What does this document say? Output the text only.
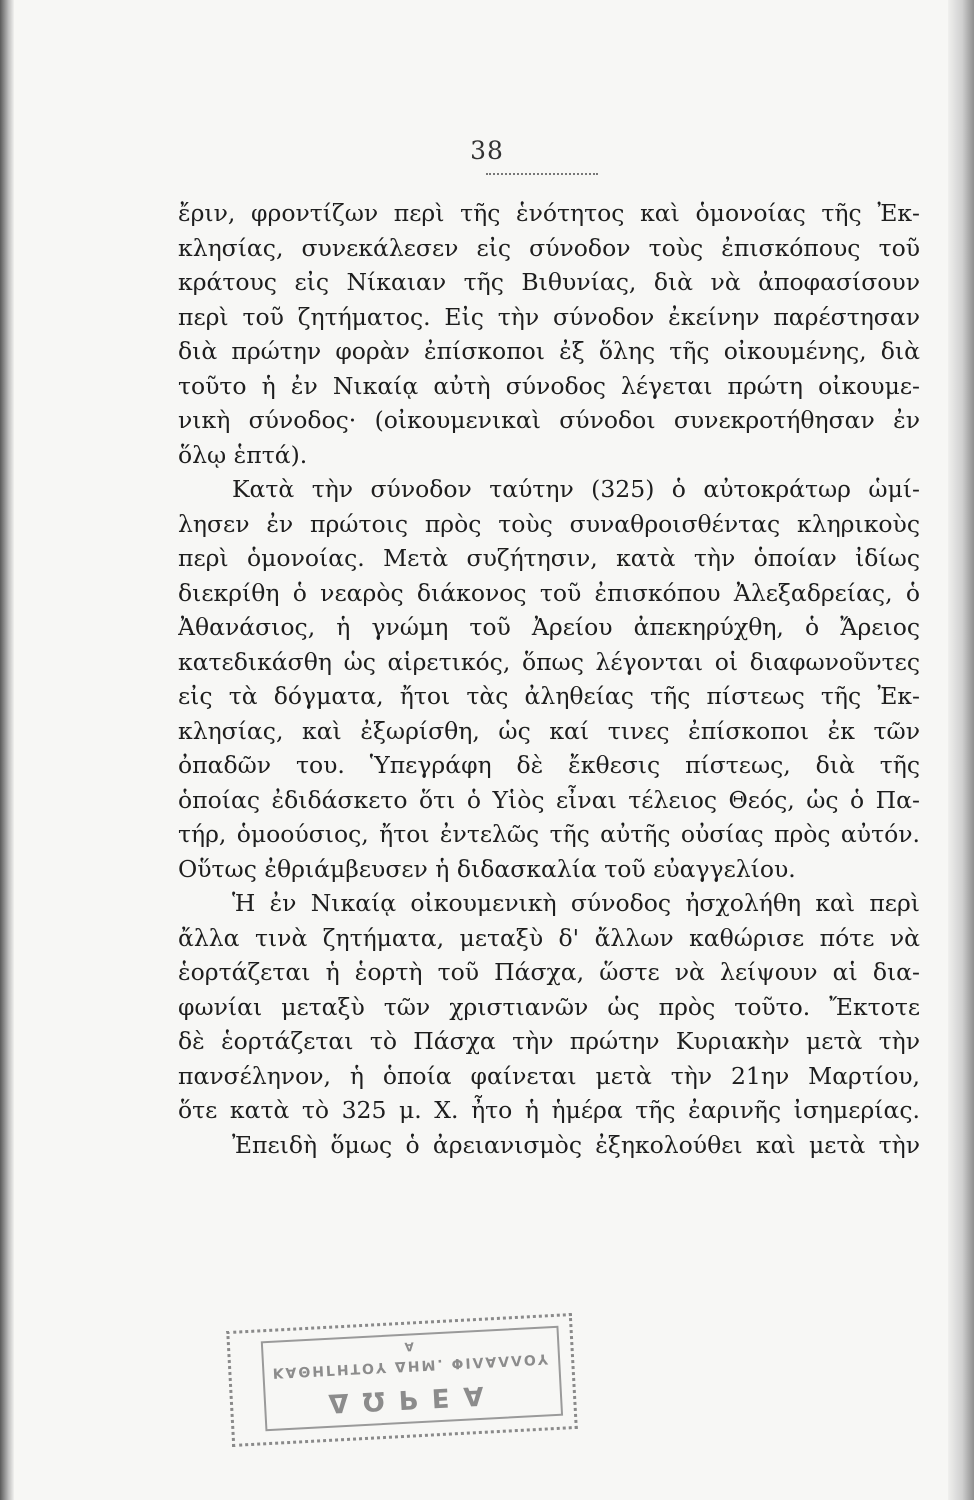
38
ἔριν, φροντίζων περὶ τῆς ἑνότητος καὶ ὁμονοίας τῆς Ἐκ-
κλησίας, συνεκάλεσεν εἰς σύνοδον τοὺς ἐπισκόπους τοῦ
κράτους εἰς Νίκαιαν τῆς Βιθυνίας, διὰ νὰ ἀποφασίσουν
περὶ τοῦ ζητήματος. Εἰς τὴν σύνοδον ἐκείνην παρέστησαν
διὰ πρώτην φορὰν ἐπίσκοποι ἐξ ὅλης τῆς οἰκουμένης, διὰ
τοῦτο ἡ ἐν Νικαίᾳ αὐτὴ σύνοδος λέγεται πρώτη οἰκουμε-
νικὴ σύνοδος· (οἰκουμενικαὶ σύνοδοι συνεκροτήθησαν ἐν
ὅλῳ ἑπτά).
Κατὰ τὴν σύνοδον ταύτην (325) ὁ αὐτοκράτωρ ὡμί-
λησεν ἐν πρώτοις πρὸς τοὺς συναθροισθέντας κληρικοὺς
περὶ ὁμονοίας. Μετὰ συζήτησιν, κατὰ τὴν ὁποίαν ἰδίως
διεκρίθη ὁ νεαρὸς διάκονος τοῦ ἐπισκόπου Ἀλεξαδρείας, ὁ
Ἀθανάσιος, ἡ γνώμη τοῦ Ἀρείου ἀπεκηρύχθη, ὁ Ἄρειος
κατεδικάσθη ὡς αἱρετικός, ὅπως λέγονται οἱ διαφωνοῦντες
εἰς τὰ δόγματα, ἤτοι τὰς ἀληθείας τῆς πίστεως τῆς Ἐκ-
κλησίας, καὶ ἐξωρίσθη, ὡς καί τινες ἐπίσκοποι ἐκ τῶν
ὀπαδῶν του. Ὑπεγράφη δὲ ἔκθεσις πίστεως, διὰ τῆς
ὁποίας ἐδιδάσκετο ὅτι ὁ Υἱὸς εἶναι τέλειος Θεός, ὡς ὁ Πα-
τήρ, ὁμοούσιος, ἤτοι ἐντελῶς τῆς αὐτῆς οὐσίας πρὸς αὐτόν.
Οὕτως ἐθριάμβευσεν ἡ διδασκαλία τοῦ εὐαγγελίου.
Ἡ ἐν Νικαίᾳ οἰκουμενικὴ σύνοδος ἠσχολήθη καὶ περὶ
ἄλλα τινὰ ζητήματα, μεταξὺ δ' ἄλλων καθώρισε πότε νὰ
ἑορτάζεται ἡ ἑορτὴ τοῦ Πάσχα, ὥστε νὰ λείψουν αἱ δια-
φωνίαι μεταξὺ τῶν χριστιανῶν ὡς πρὸς τοῦτο. Ἔκτοτε
δὲ ἑορτάζεται τὸ Πάσχα τὴν πρώτην Κυριακὴν μετὰ τὴν
πανσέληνον, ἡ ὁποία φαίνεται μετὰ τὴν 21ην Μαρτίου,
ὅτε κατὰ τὸ 325 μ. Χ. ἦτο ἡ ἡμέρα τῆς ἐαρινῆς ἰσημερίας.
Ἐπειδὴ ὅμως ὁ ἀρειανισμὸς ἐξηκολούθει καὶ μετὰ τὴν
ΔΩΡΕΑ
ΚΑΘΗΓΗΤΟΥ ΔΗΜ. ΦΙΛΑΛΛΟΥ
Α
